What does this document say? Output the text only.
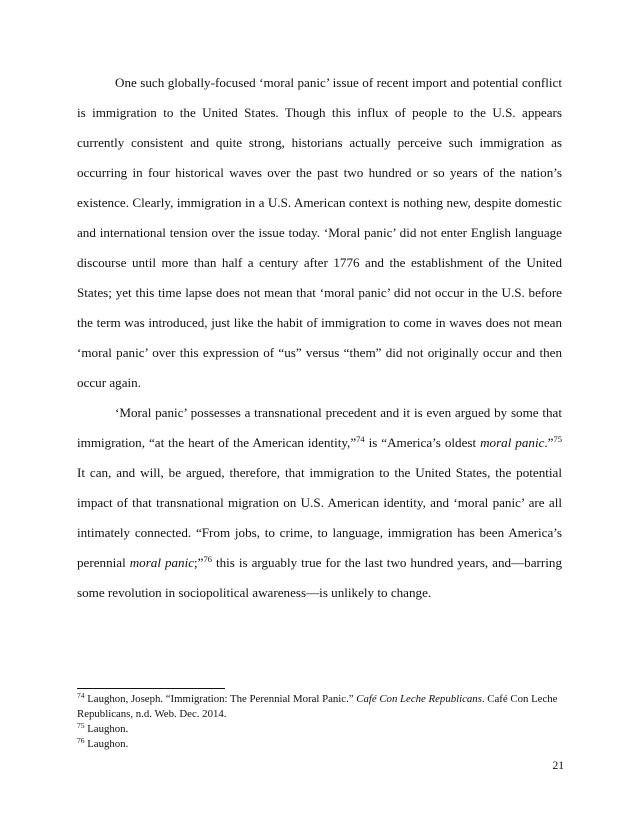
One such globally-focused ‘moral panic’ issue of recent import and potential conflict is immigration to the United States. Though this influx of people to the U.S. appears currently consistent and quite strong, historians actually perceive such immigration as occurring in four historical waves over the past two hundred or so years of the nation’s existence. Clearly, immigration in a U.S. American context is nothing new, despite domestic and international tension over the issue today. ‘Moral panic’ did not enter English language discourse until more than half a century after 1776 and the establishment of the United States; yet this time lapse does not mean that ‘moral panic’ did not occur in the U.S. before the term was introduced, just like the habit of immigration to come in waves does not mean ‘moral panic’ over this expression of “us” versus “them” did not originally occur and then occur again.

‘Moral panic’ possesses a transnational precedent and it is even argued by some that immigration, “at the heart of the American identity,”$^{74}$ is “America’s oldest moral panic.”$^{75}$ It can, and will, be argued, therefore, that immigration to the United States, the potential impact of that transnational migration on U.S. American identity, and ‘moral panic’ are all intimately connected. “From jobs, to crime, to language, immigration has been America’s perennial moral panic;”$^{76}$ this is arguably true for the last two hundred years, and—barring some revolution in sociopolitical awareness—is unlikely to change.

$^{74}$ Laughon, Joseph. “Immigration: The Perennial Moral Panic.” Café Con Leche Republicans. Café Con Leche Republicans, n.d. Web. Dec. 2014.

$^{75}$ Laughon.

$^{76}$ Laughon.

21
